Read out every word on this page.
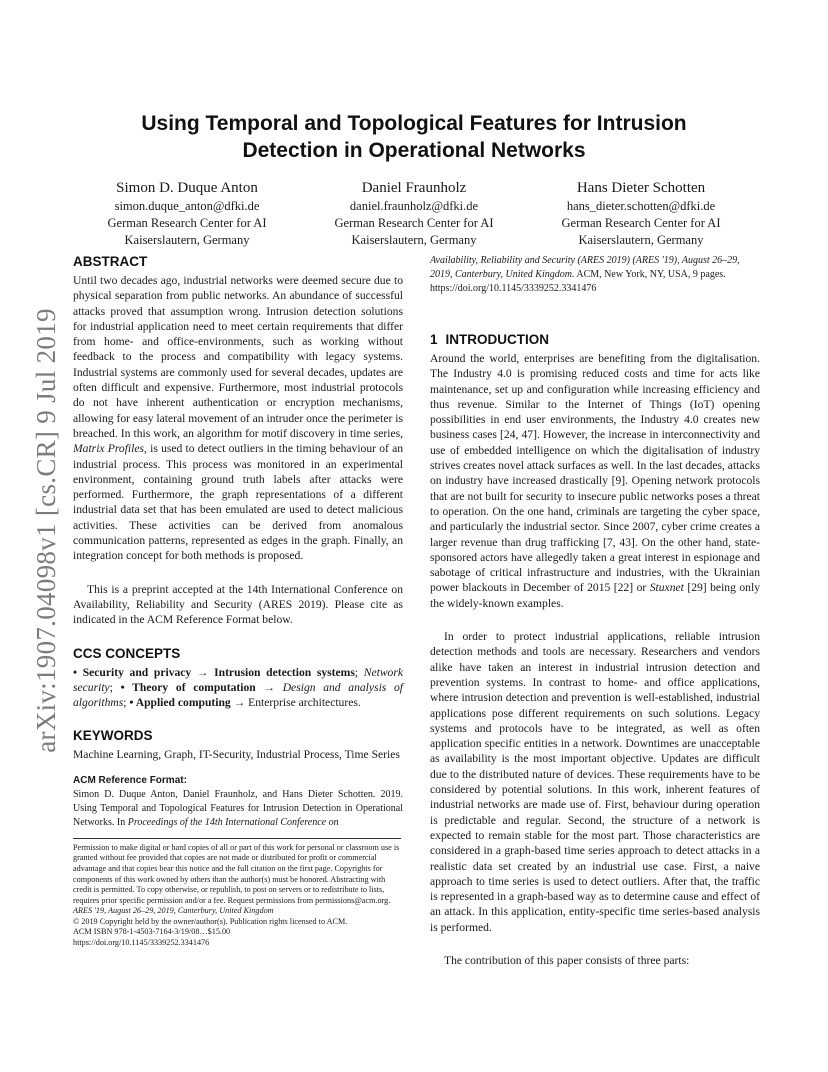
arXiv:1907.04098v1 [cs.CR] 9 Jul 2019
Using Temporal and Topological Features for Intrusion
Detection in Operational Networks
Simon D. Duque Anton
simon.duque_anton@dfki.de
German Research Center for AI
Kaiserslautern, Germany
Daniel Fraunholz
daniel.fraunholz@dfki.de
German Research Center for AI
Kaiserslautern, Germany
Hans Dieter Schotten
hans_dieter.schotten@dfki.de
German Research Center for AI
Kaiserslautern, Germany
ABSTRACT

Until two decades ago, industrial networks were deemed secure due to physical separation from public networks. An abundance of successful attacks proved that assumption wrong. Intrusion detection solutions for industrial application need to meet certain requirements that differ from home- and office-environments, such as working without feedback to the process and compatibility with legacy systems. Industrial systems are commonly used for several decades, updates are often difficult and expensive. Furthermore, most industrial protocols do not have inherent authentication or encryption mechanisms, allowing for easy lateral movement of an intruder once the perimeter is breached. In this work, an algorithm for motif discovery in time series, Matrix Profiles, is used to detect outliers in the timing behaviour of an industrial process. This process was monitored in an experimental environment, containing ground truth labels after attacks were performed. Furthermore, the graph representations of a different industrial data set that has been emulated are used to detect malicious activities. These activities can be derived from anomalous communication patterns, represented as edges in the graph. Finally, an integration concept for both methods is proposed.

This is a preprint accepted at the 14th International Conference on Availability, Reliability and Security (ARES 2019). Please cite as indicated in the ACM Reference Format below.

CCS CONCEPTS

• Security and privacy → Intrusion detection systems; Network security; • Theory of computation → Design and analysis of algorithms; • Applied computing → Enterprise architectures.

KEYWORDS

Machine Learning, Graph, IT-Security, Industrial Process, Time Series

ACM Reference Format:

Simon D. Duque Anton, Daniel Fraunholz, and Hans Dieter Schotten. 2019. Using Temporal and Topological Features for Intrusion Detection in Operational Networks. In Proceedings of the 14th International Conference on

Permission to make digital or hard copies of all or part of this work for personal or classroom use is granted without fee provided that copies are not made or distributed for profit or commercial advantage and that copies bear this notice and the full citation on the first page. Copyrights for components of this work owned by others than the author(s) must be honored. Abstracting with credit is permitted. To copy otherwise, or republish, to post on servers or to redistribute to lists, requires prior specific permission and/or a fee. Request permissions from permissions@acm.org.

ARES '19, August 26–29, 2019, Canterbury, United Kingdom

© 2019 Copyright held by the owner/author(s). Publication rights licensed to ACM.

ACM ISBN 978-1-4503-7164-3/19/08…$15.00

https://doi.org/10.1145/3339252.3341476

Availability, Reliability and Security (ARES 2019) (ARES '19), August 26–29, 2019, Canterbury, United Kingdom. ACM, New York, NY, USA, 9 pages. https://doi.org/10.1145/3339252.3341476

1 INTRODUCTION

Around the world, enterprises are benefiting from the digitalisation. The Industry 4.0 is promising reduced costs and time for acts like maintenance, set up and configuration while increasing efficiency and thus revenue. Similar to the Internet of Things (IoT) opening possibilities in end user environments, the Industry 4.0 creates new business cases [24, 47]. However, the increase in interconnectivity and use of embedded intelligence on which the digitalisation of industry strives creates novel attack surfaces as well. In the last decades, attacks on industry have increased drastically [9]. Opening network protocols that are not built for security to insecure public networks poses a threat to operation. On the one hand, criminals are targeting the cyber space, and particularly the industrial sector. Since 2007, cyber crime creates a larger revenue than drug trafficking [7, 43]. On the other hand, state-sponsored actors have allegedly taken a great interest in espionage and sabotage of critical infrastructure and industries, with the Ukrainian power blackouts in December of 2015 [22] or Stuxnet [29] being only the widely-known examples.

In order to protect industrial applications, reliable intrusion detection methods and tools are necessary. Researchers and vendors alike have taken an interest in industrial intrusion detection and prevention systems. In contrast to home- and office applications, where intrusion detection and prevention is well-established, industrial applications pose different requirements on such solutions. Legacy systems and protocols have to be integrated, as well as often application specific entities in a network. Downtimes are unacceptable as availability is the most important objective. Updates are difficult due to the distributed nature of devices. These requirements have to be considered by potential solutions. In this work, inherent features of industrial networks are made use of. First, behaviour during operation is predictable and regular. Second, the structure of a network is expected to remain stable for the most part. Those characteristics are considered in a graph-based time series approach to detect attacks in a realistic data set created by an industrial use case. First, a naive approach to time series is used to detect outliers. After that, the traffic is represented in a graph-based way as to determine cause and effect of an attack. In this application, entity-specific time series-based analysis is performed.

The contribution of this paper consists of three parts:
